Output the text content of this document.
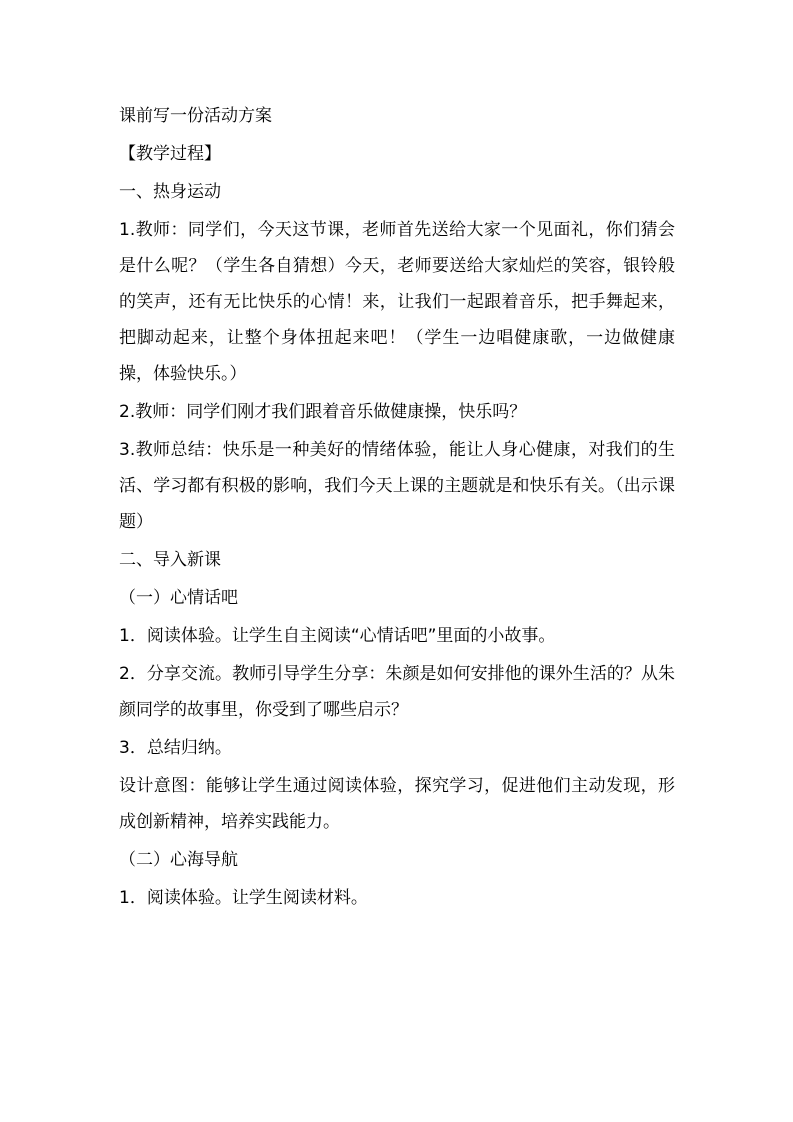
课前写一份活动方案

【教学过程】

一、热身运动

1.教师：同学们，今天这节课，老师首先送给大家一个见面礼，你们猜会是什么呢？（学生各自猜想）今天，老师要送给大家灿烂的笑容，银铃般的笑声，还有无比快乐的心情！来，让我们一起跟着音乐，把手舞起来，把脚动起来，让整个身体扭起来吧！（学生一边唱健康歌，一边做健康操，体验快乐。）

2.教师：同学们刚才我们跟着音乐做健康操，快乐吗？

3.教师总结：快乐是一种美好的情绪体验，能让人身心健康，对我们的生活、学习都有积极的影响，我们今天上课的主题就是和快乐有关。（出示课题）

二、导入新课

（一）心情话吧

1．阅读体验。让学生自主阅读“心情话吧”里面的小故事。

2．分享交流。教师引导学生分享：朱颜是如何安排他的课外生活的？从朱颜同学的故事里，你受到了哪些启示？

3．总结归纳。

设计意图：能够让学生通过阅读体验，探究学习，促进他们主动发现，形成创新精神，培养实践能力。

（二）心海导航

1．阅读体验。让学生阅读材料。
